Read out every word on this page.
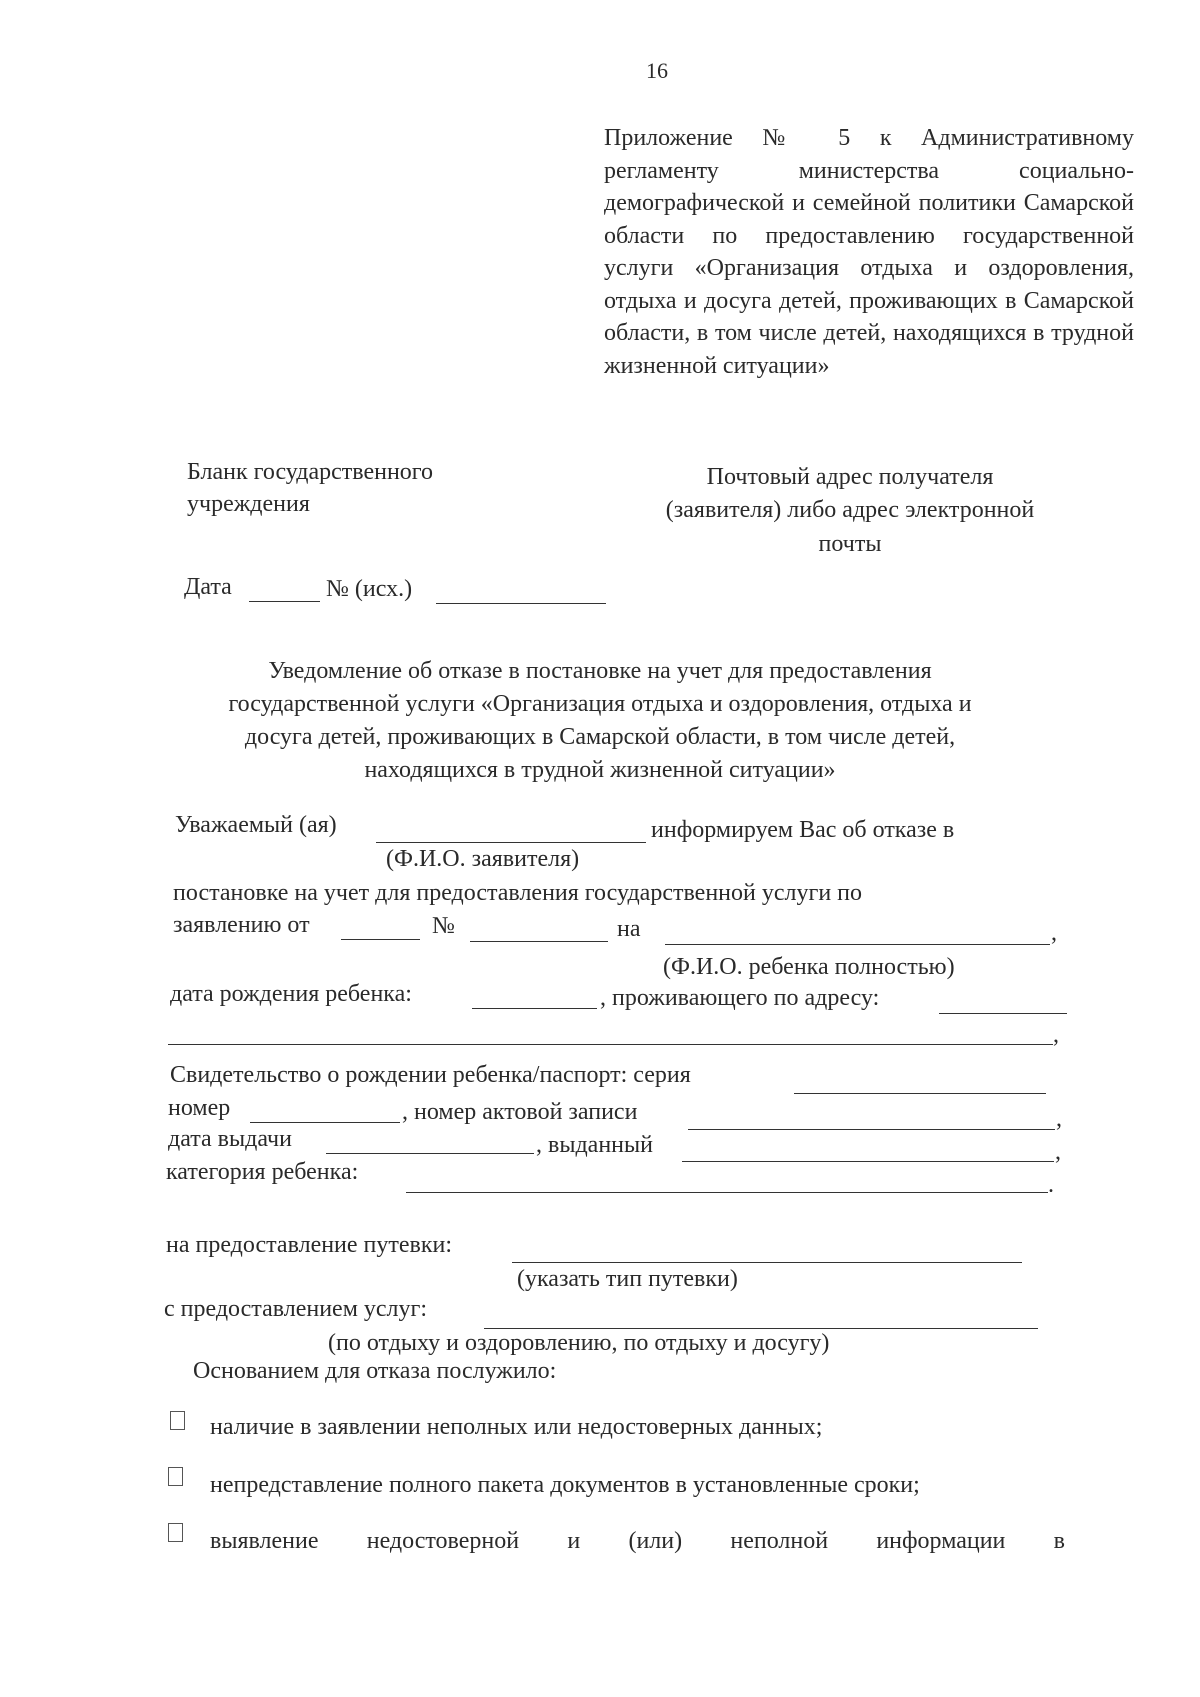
16
Приложение № 5 к Административному регламенту министерства социально-демографической и семейной политики Самарской области по предоставлению государственной услуги «Организация отдыха и оздоровления, отдыха и досуга детей, проживающих в Самарской области, в том числе детей, находящихся в трудной жизненной ситуации»
Бланк государственного
учреждения
Почтовый адрес получателя
(заявителя) либо адрес электронной
почты
Дата	№ (исх.)
Уведомление об отказе в постановке на учет для предоставления
государственной услуги «Организация отдыха и оздоровления, отдыха и
досуга детей, проживающих в Самарской области, в том числе детей,
находящихся в трудной жизненной ситуации»
Уважаемый (ая)	информируем Вас об отказе в
(Ф.И.О. заявителя)
постановке на учет для предоставления государственной услуги по
заявлению от	№	на	,
(Ф.И.О. ребенка полностью)
дата рождения ребенка:	, проживающего по адресу:
,
Свидетельство о рождении ребенка/паспорт: серия
номер	, номер актовой записи	,
дата выдачи	, выданный	,
категория ребенка:	.
на предоставление путевки:
(указать тип путевки)
с предоставлением услуг:
(по отдыху и оздоровлению, по отдыху и досугу)
Основанием для отказа послужило:
наличие в заявлении неполных или недостоверных данных;
непредставление полного пакета документов в установленные сроки;
выявление недостоверной и (или) неполной информации в
